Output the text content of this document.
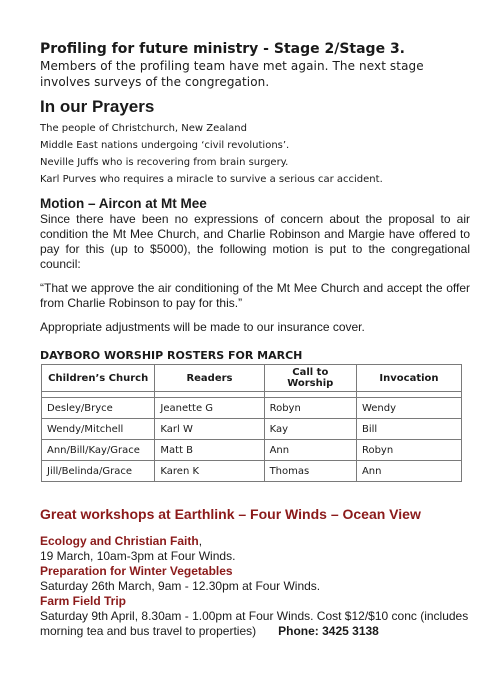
Profiling for future ministry - Stage 2/Stage 3.

Members of the profiling team have met again. The next stage involves surveys of the congregation.

In our Prayers
The people of Christchurch, New Zealand
Middle East nations undergoing ‘civil revolutions’.
Neville Juffs who is recovering from brain surgery.
Karl Purves who requires a miracle to survive a serious car accident.
Motion – Aircon at Mt Mee

Since there have been no expressions of concern about the proposal to air condition the Mt Mee Church, and Charlie Robinson and Margie have offered to pay for this (up to $5000), the following motion is put to the congregational council:

“That we approve the air conditioning of the Mt Mee Church and accept the offer from Charlie Robinson to pay for this.”

Appropriate adjustments will be made to our insurance cover.

DAYBORO WORSHIP ROSTERS FOR MARCH
Children’s Church	Readers	Call to Worship	Invocation

Desley/Bryce	Jeanette G	Robyn	Wendy
Wendy/Mitchell	Karl W	Kay	Bill
Ann/Bill/Kay/Grace	Matt B	Ann	Robyn
Jill/Belinda/Grace	Karen K	Thomas	Ann
Great workshops at Earthlink – Four Winds – Ocean View

Ecology and Christian Faith,

19 March, 10am-3pm at Four Winds.

Preparation for Winter Vegetables

Saturday 26th March, 9am - 12.30pm at Four Winds.

Farm Field Trip

Saturday 9th April, 8.30am - 1.00pm at Four Winds. Cost $12/$10 conc (includes morning tea and bus travel to properties) Phone: 3425 3138
